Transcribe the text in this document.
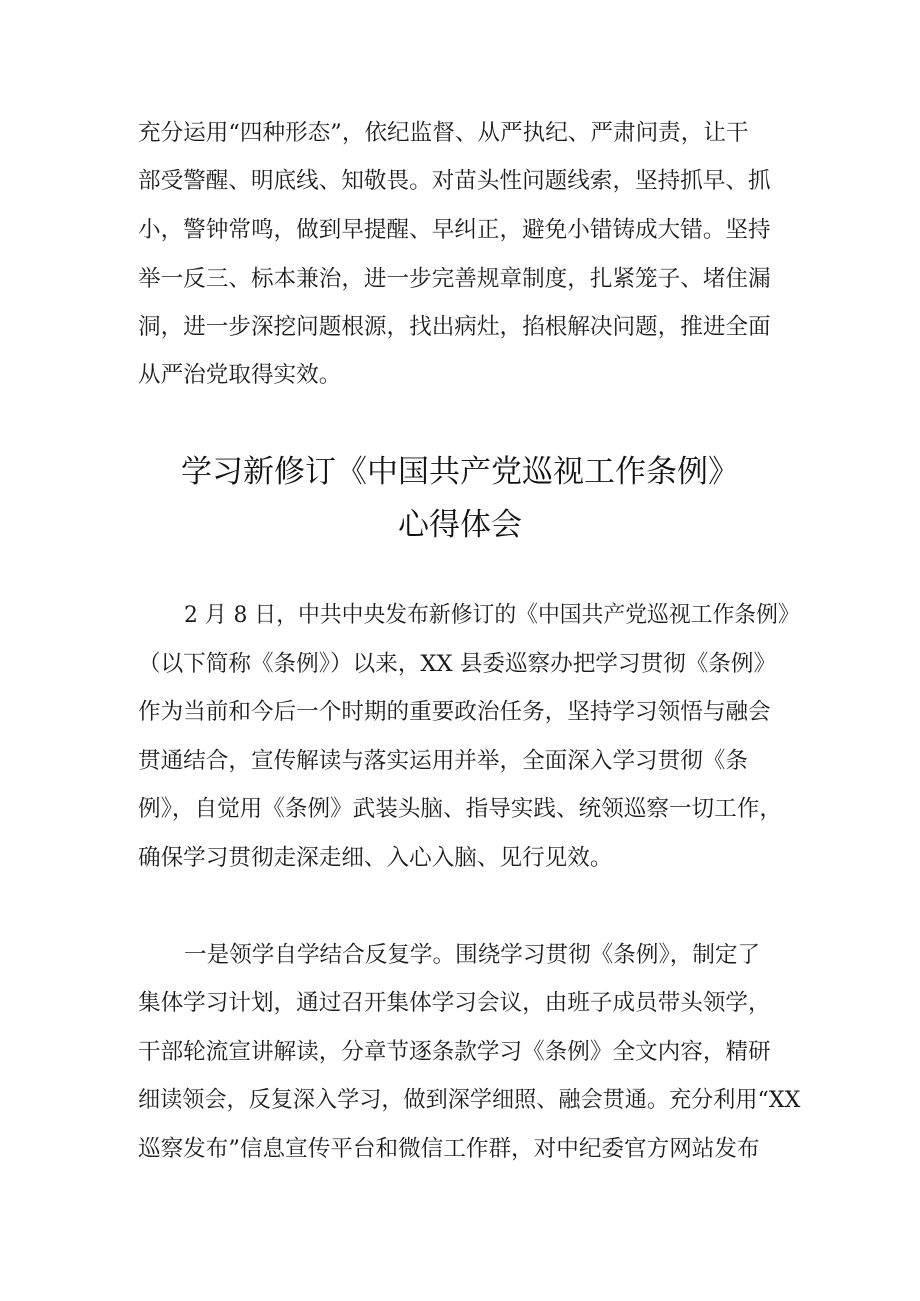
充分运用“四种形态”，依纪监督、从严执纪、严肃问责，让干
部受警醒、明底线、知敬畏。对苗头性问题线索，坚持抓早、抓
小，警钟常鸣，做到早提醒、早纠正，避免小错铸成大错。坚持
举一反三、标本兼治，进一步完善规章制度，扎紧笼子、堵住漏
洞，进一步深挖问题根源，找出病灶，掐根解决问题，推进全面
从严治党取得实效。
学习新修订《中国共产党巡视工作条例》
心得体会
2 月 8 日，中共中央发布新修订的《中国共产党巡视工作条例》
（以下简称《条例》）以来，XX 县委巡察办把学习贯彻《条例》
作为当前和今后一个时期的重要政治任务，坚持学习领悟与融会
贯通结合，宣传解读与落实运用并举，全面深入学习贯彻《条
例》，自觉用《条例》武装头脑、指导实践、统领巡察一切工作，
确保学习贯彻走深走细、入心入脑、见行见效。
一是领学自学结合反复学。围绕学习贯彻《条例》，制定了
集体学习计划，通过召开集体学习会议，由班子成员带头领学，
干部轮流宣讲解读，分章节逐条款学习《条例》全文内容，精研
细读领会，反复深入学习，做到深学细照、融会贯通。充分利用“XX
巡察发布”信息宣传平台和微信工作群，对中纪委官方网站发布
